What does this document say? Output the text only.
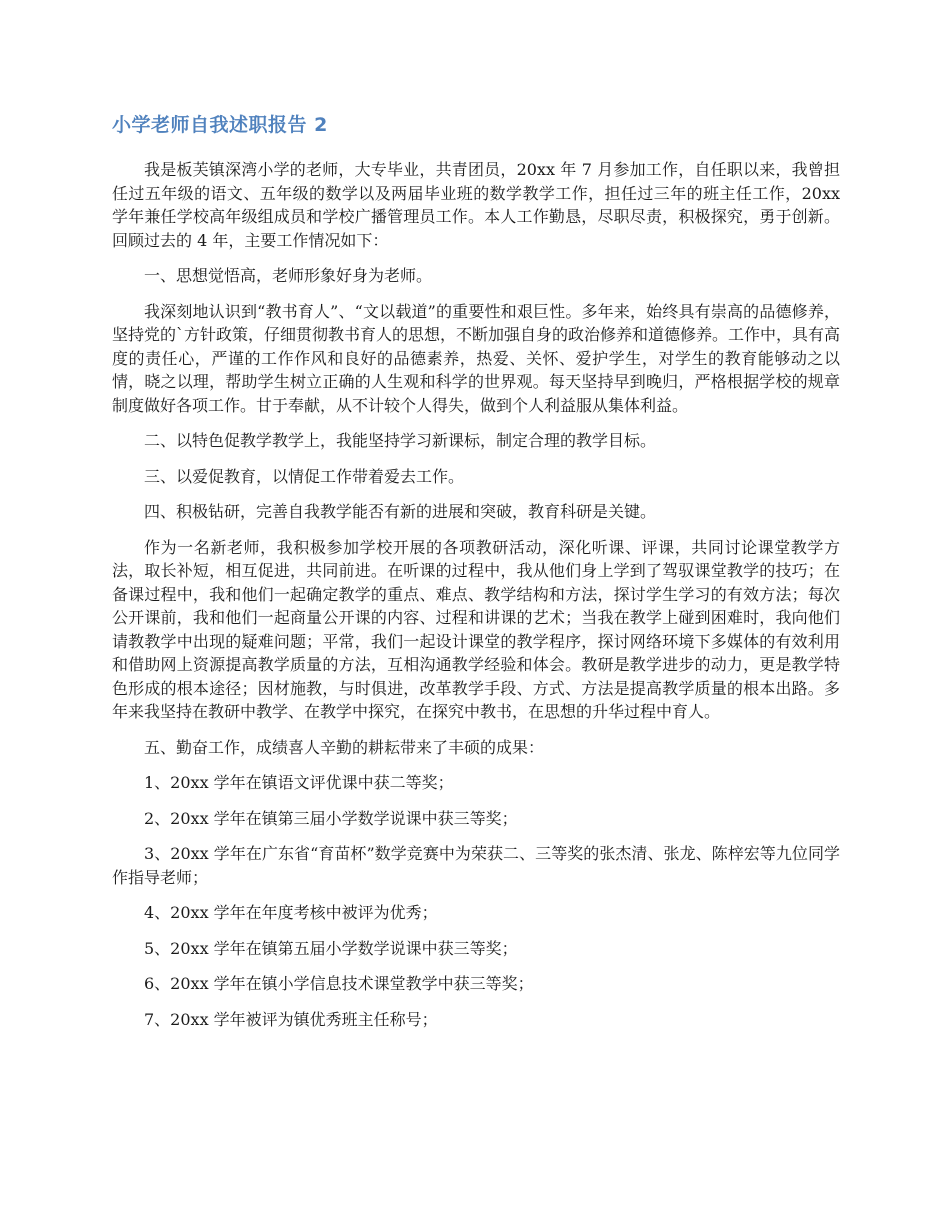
小学老师自我述职报告 2

我是板芙镇深湾小学的老师，大专毕业，共青团员，20xx 年 7 月参加工作，自任职以来，我曾担任过五年级的语文、五年级的数学以及两届毕业班的数学教学工作，担任过三年的班主任工作，20xx 学年兼任学校高年级组成员和学校广播管理员工作。本人工作勤恳，尽职尽责，积极探究，勇于创新。回顾过去的 4 年，主要工作情况如下：

一、思想觉悟高，老师形象好身为老师。

我深刻地认识到“教书育人”、“文以载道”的重要性和艰巨性。多年来，始终具有崇高的品德修养，坚持党的`方针政策，仔细贯彻教书育人的思想，不断加强自身的政治修养和道德修养。工作中，具有高度的责任心，严谨的工作作风和良好的品德素养，热爱、关怀、爱护学生，对学生的教育能够动之以情，晓之以理，帮助学生树立正确的人生观和科学的世界观。每天坚持早到晚归，严格根据学校的规章制度做好各项工作。甘于奉献，从不计较个人得失，做到个人利益服从集体利益。

二、以特色促教学教学上，我能坚持学习新课标，制定合理的教学目标。

三、以爱促教育，以情促工作带着爱去工作。

四、积极钻研，完善自我教学能否有新的进展和突破，教育科研是关键。

作为一名新老师，我积极参加学校开展的各项教研活动，深化听课、评课，共同讨论课堂教学方法，取长补短，相互促进，共同前进。在听课的过程中，我从他们身上学到了驾驭课堂教学的技巧；在备课过程中，我和他们一起确定教学的重点、难点、教学结构和方法，探讨学生学习的有效方法；每次公开课前，我和他们一起商量公开课的内容、过程和讲课的艺术；当我在教学上碰到困难时，我向他们请教教学中出现的疑难问题；平常，我们一起设计课堂的教学程序，探讨网络环境下多媒体的有效利用和借助网上资源提高教学质量的方法，互相沟通教学经验和体会。教研是教学进步的动力，更是教学特色形成的根本途径；因材施教，与时俱进，改革教学手段、方式、方法是提高教学质量的根本出路。多年来我坚持在教研中教学、在教学中探究，在探究中教书，在思想的升华过程中育人。

五、勤奋工作，成绩喜人辛勤的耕耘带来了丰硕的成果：

1、20xx 学年在镇语文评优课中获二等奖；

2、20xx 学年在镇第三届小学数学说课中获三等奖；

3、20xx 学年在广东省“育苗杯”数学竞赛中为荣获二、三等奖的张杰清、张龙、陈梓宏等九位同学作指导老师；

4、20xx 学年在年度考核中被评为优秀；

5、20xx 学年在镇第五届小学数学说课中获三等奖；

6、20xx 学年在镇小学信息技术课堂教学中获三等奖；

7、20xx 学年被评为镇优秀班主任称号；
